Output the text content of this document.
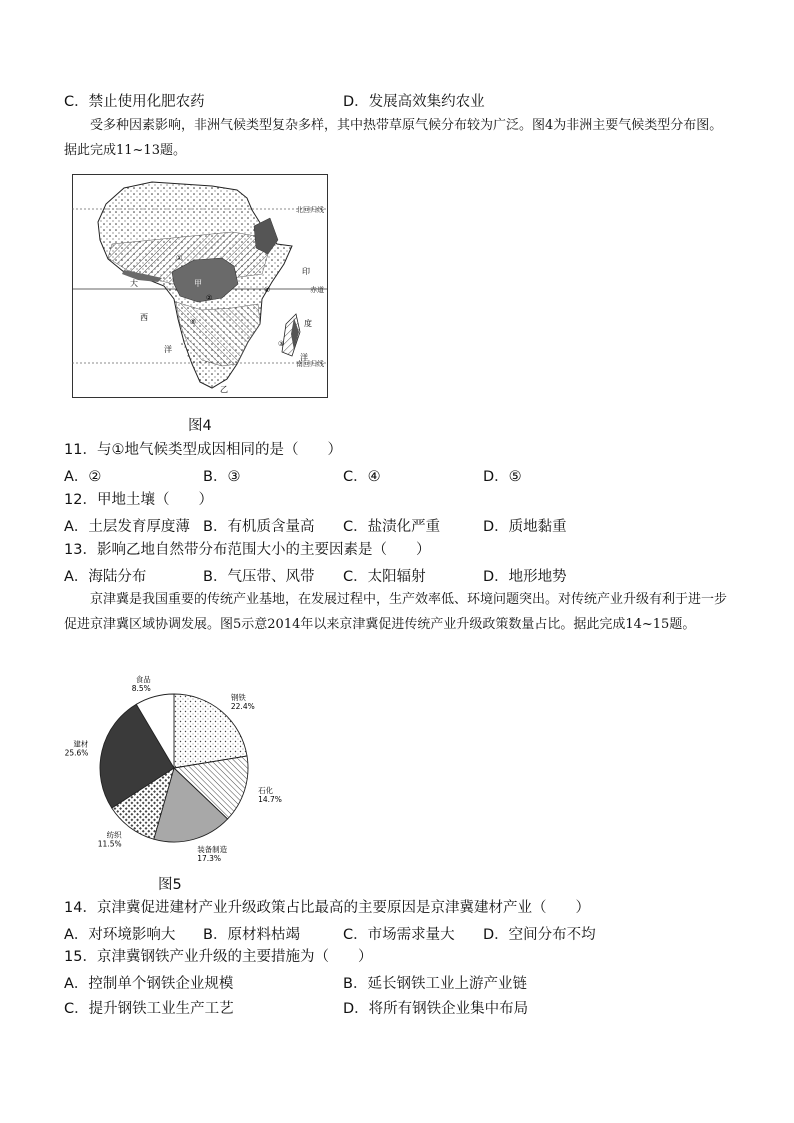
C．禁止使用化肥农药	D．发展高效集约农业
受多种因素影响，非洲气候类型复杂多样，其中热带草原气候分布较为广泛。图4为非洲主要气候类型分布图。据此完成11~13题。
北回归线
赤道
南回归线
大
西
洋
印
度
洋
甲
乙
①
②
③
④
⑤
图4
11．与①地气候类型成因相同的是（　　）
A．②	B．③	C．④	D．⑤
12．甲地土壤（　　）
A．土层发育厚度薄 B．有机质含量高 C．盐渍化严重	D．质地黏重
13．影响乙地自然带分布范围大小的主要因素是（　　）
A．海陆分布	B．气压带、风带 C．太阳辐射	D．地形地势
京津冀是我国重要的传统产业基地，在发展过程中，生产效率低、环境问题突出。对传统产业升级有利于进一步促进京津冀区域协调发展。图5示意2014年以来京津冀促进传统产业升级政策数量占比。据此完成14~15题。
钢铁
22.4%
石化
14.7%
装备制造
17.3%
纺织
11.5%
建材
25.6%
食品
8.5%
图5
14．京津冀促进建材产业升级政策占比最高的主要原因是京津冀建材产业（　　）
A．对环境影响大 B．原材料枯竭	C．市场需求量大 D．空间分布不均
15．京津冀钢铁产业升级的主要措施为（　　）
A．控制单个钢铁企业规模	B．延长钢铁工业上游产业链
C．提升钢铁工业生产工艺	D．将所有钢铁企业集中布局
